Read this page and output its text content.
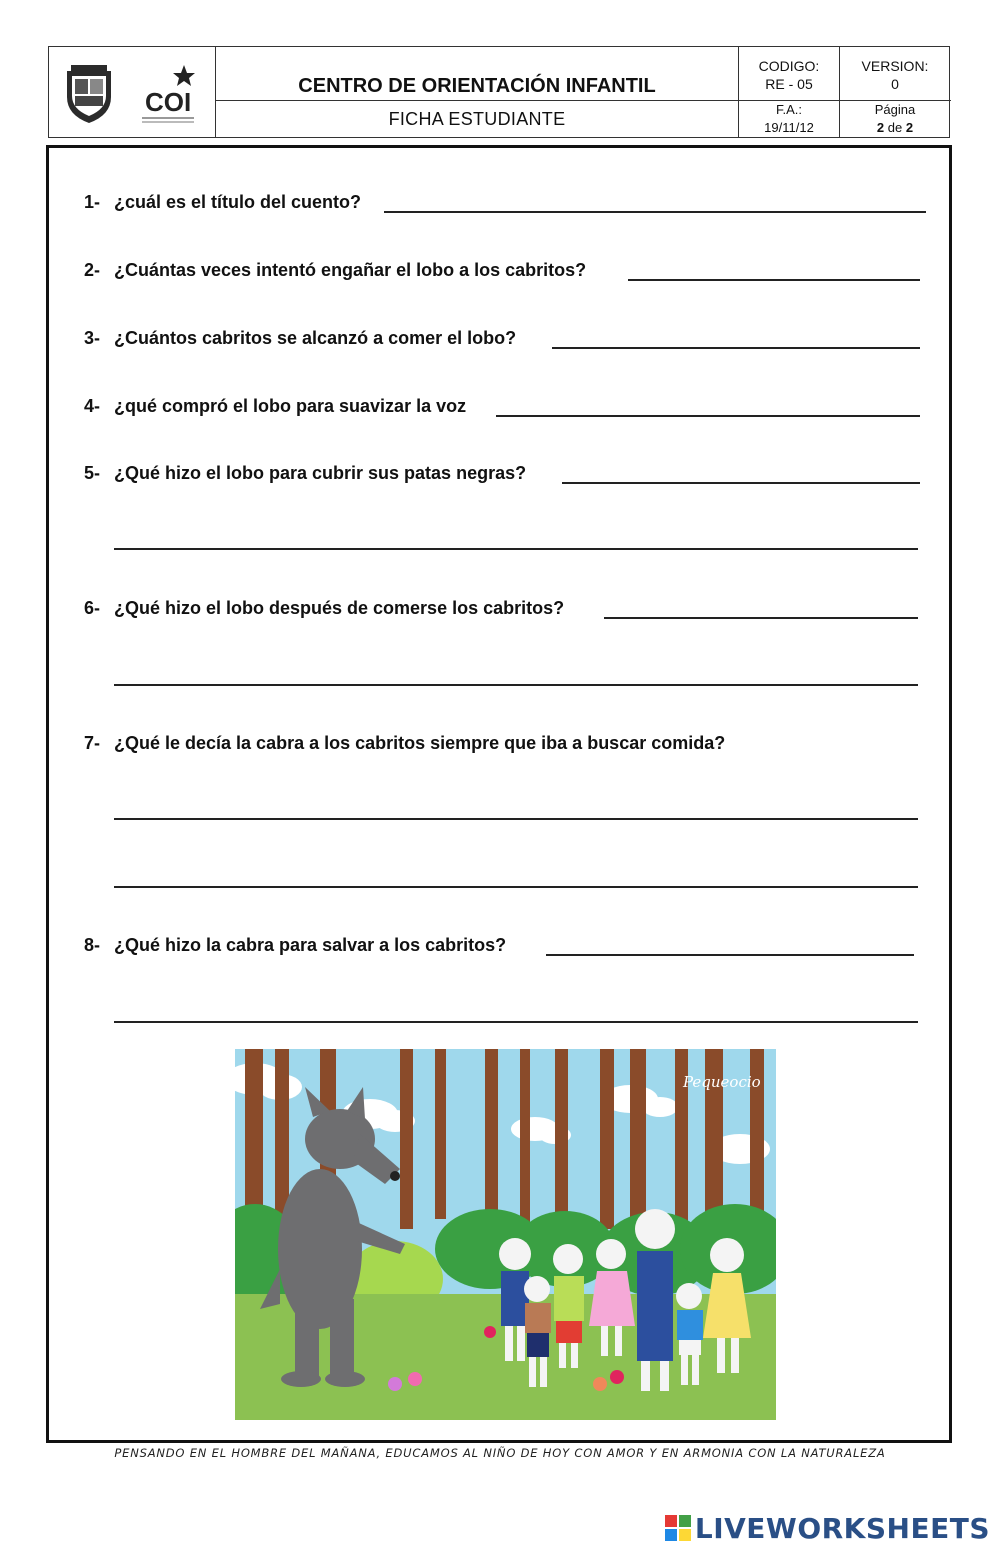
COI
CENTRO DE ORIENTACIÓN INFANTIL
FICHA ESTUDIANTE
CODIGO:
RE - 05
VERSION:
0
F.A.:
19/11/12
Página
2 de 2
1- ¿cuál es el título del cuento?
2- ¿Cuántas veces intentó engañar el lobo a los cabritos?
3- ¿Cuántos cabritos se alcanzó a comer el lobo?
4- ¿qué compró el lobo para suavizar la voz
5- ¿Qué hizo el lobo para cubrir sus patas negras?
6- ¿Qué hizo el lobo después de comerse los cabritos?
7- ¿Qué le decía la cabra a los cabritos siempre que iba a buscar comida?
8- ¿Qué hizo la cabra para salvar a los cabritos?
Pequeocio
PENSANDO EN EL HOMBRE DEL MAÑANA, EDUCAMOS AL NIÑO DE HOY CON AMOR Y EN ARMONIA CON LA NATURALEZA
LIVEWORKSHEETS
